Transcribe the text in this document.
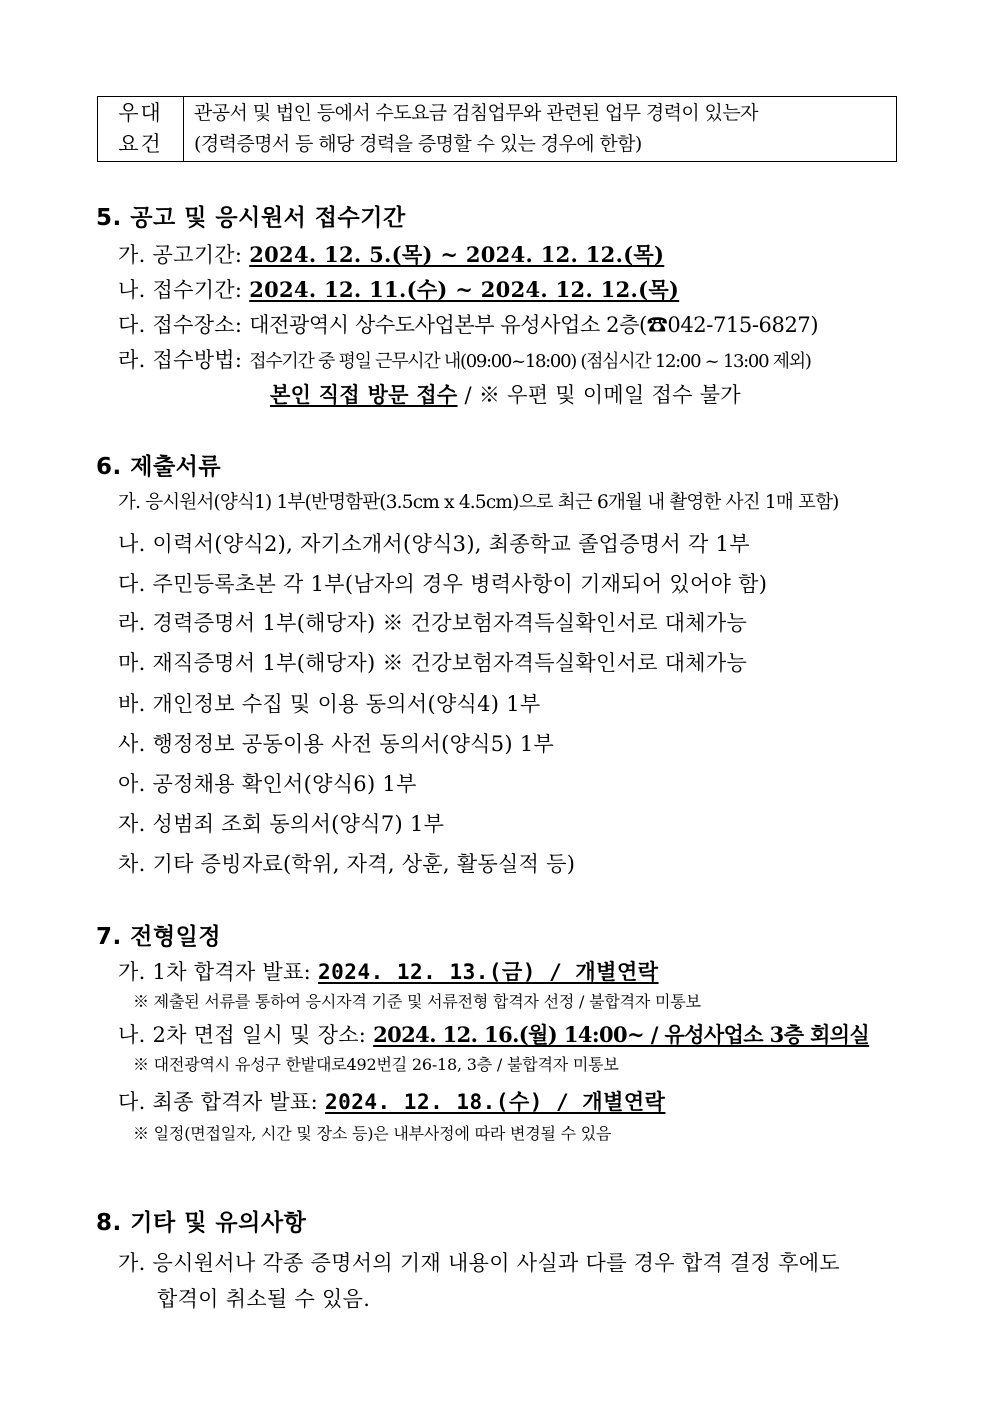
우대
요건
관공서 및 법인 등에서 수도요금 검침업무와 관련된 업무 경력이 있는자
(경력증명서 등 해당 경력을 증명할 수 있는 경우에 한함)
5. 공고 및 응시원서 접수기간
가. 공고기간: 2024. 12. 5.(목) ~ 2024. 12. 12.(목)
나. 접수기간: 2024. 12. 11.(수) ~ 2024. 12. 12.(목)
다. 접수장소: 대전광역시 상수도사업본부 유성사업소 2층(☎042-715-6827)
라. 접수방법: 접수기간 중 평일 근무시간 내(09:00~18:00) (점심시간 12:00 ~ 13:00 제외)
본인 직접 방문 접수 / ※ 우편 및 이메일 접수 불가
6. 제출서류
가. 응시원서(양식1) 1부(반명함판(3.5cm x 4.5cm)으로 최근 6개월 내 촬영한 사진 1매 포함)
나. 이력서(양식2), 자기소개서(양식3), 최종학교 졸업증명서 각 1부
다. 주민등록초본 각 1부(남자의 경우 병력사항이 기재되어 있어야 함)
라. 경력증명서 1부(해당자) ※ 건강보험자격득실확인서로 대체가능
마. 재직증명서 1부(해당자) ※ 건강보험자격득실확인서로 대체가능
바. 개인정보 수집 및 이용 동의서(양식4) 1부
사. 행정정보 공동이용 사전 동의서(양식5) 1부
아. 공정채용 확인서(양식6) 1부
자. 성범죄 조회 동의서(양식7) 1부
차. 기타 증빙자료(학위, 자격, 상훈, 활동실적 등)
7. 전형일정
가. 1차 합격자 발표: 2024. 12. 13.(금) / 개별연락
※ 제출된 서류를 통하여 응시자격 기준 및 서류전형 합격자 선정 / 불합격자 미통보
나. 2차 면접 일시 및 장소: 2024. 12. 16.(월) 14:00~ / 유성사업소 3층 회의실
※ 대전광역시 유성구 한밭대로492번길 26-18, 3층 / 불합격자 미통보
다. 최종 합격자 발표: 2024. 12. 18.(수) / 개별연락
※ 일정(면접일자, 시간 및 장소 등)은 내부사정에 따라 변경될 수 있음
8. 기타 및 유의사항
가. 응시원서나 각종 증명서의 기재 내용이 사실과 다를 경우 합격 결정 후에도
합격이 취소될 수 있음.
